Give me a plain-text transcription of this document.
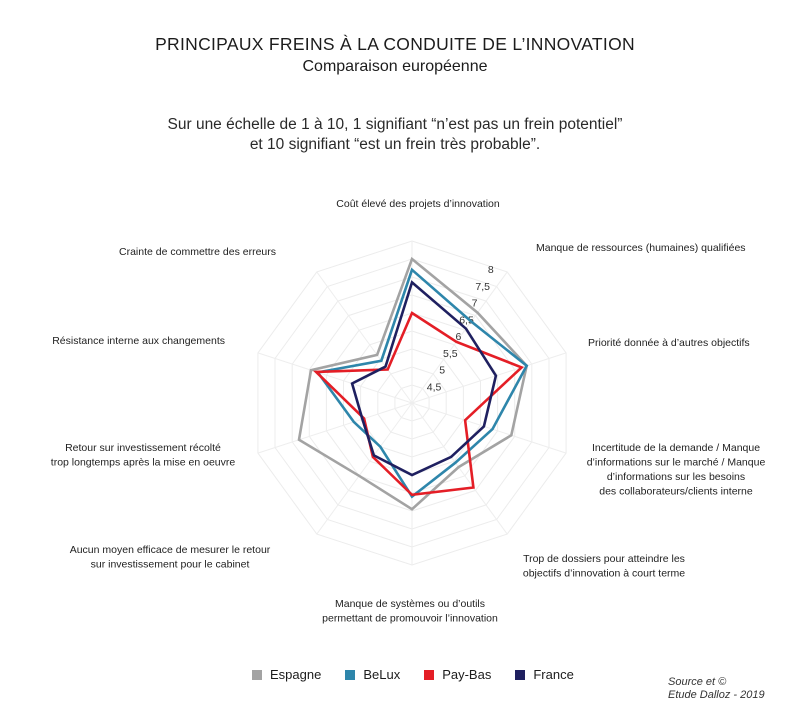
PRINCIPAUX FREINS À LA CONDUITE DE L’INNOVATION
Comparaison européenne
Sur une échelle de 1 à 10, 1 signifiant “n’est pas un frein potentiel”
et 10 signifiant “est un frein très probable”.
4,5
5
5,5
6
6,5
7
7,5
8
Coût élevé des projets d’innovation
Manque de ressources (humaines) qualifiées
Priorité donnée à d’autres objectifs
Incertitude de la demande / Manque
d’informations sur le marché / Manque
d’informations sur les besoins
des collaborateurs/clients interne
Trop de dossiers pour atteindre les
objectifs d’innovation à court terme
Manque de systèmes ou d’outils
permettant de promouvoir l’innovation
Aucun moyen efficace de mesurer le retour
sur investissement pour le cabinet
Retour sur investissement récolté
trop longtemps après la mise en oeuvre
Résistance interne aux changements
Crainte de commettre des erreurs
Espagne	BeLux	Pay-Bas	France	Source et ©
Etude Dalloz - 2019
